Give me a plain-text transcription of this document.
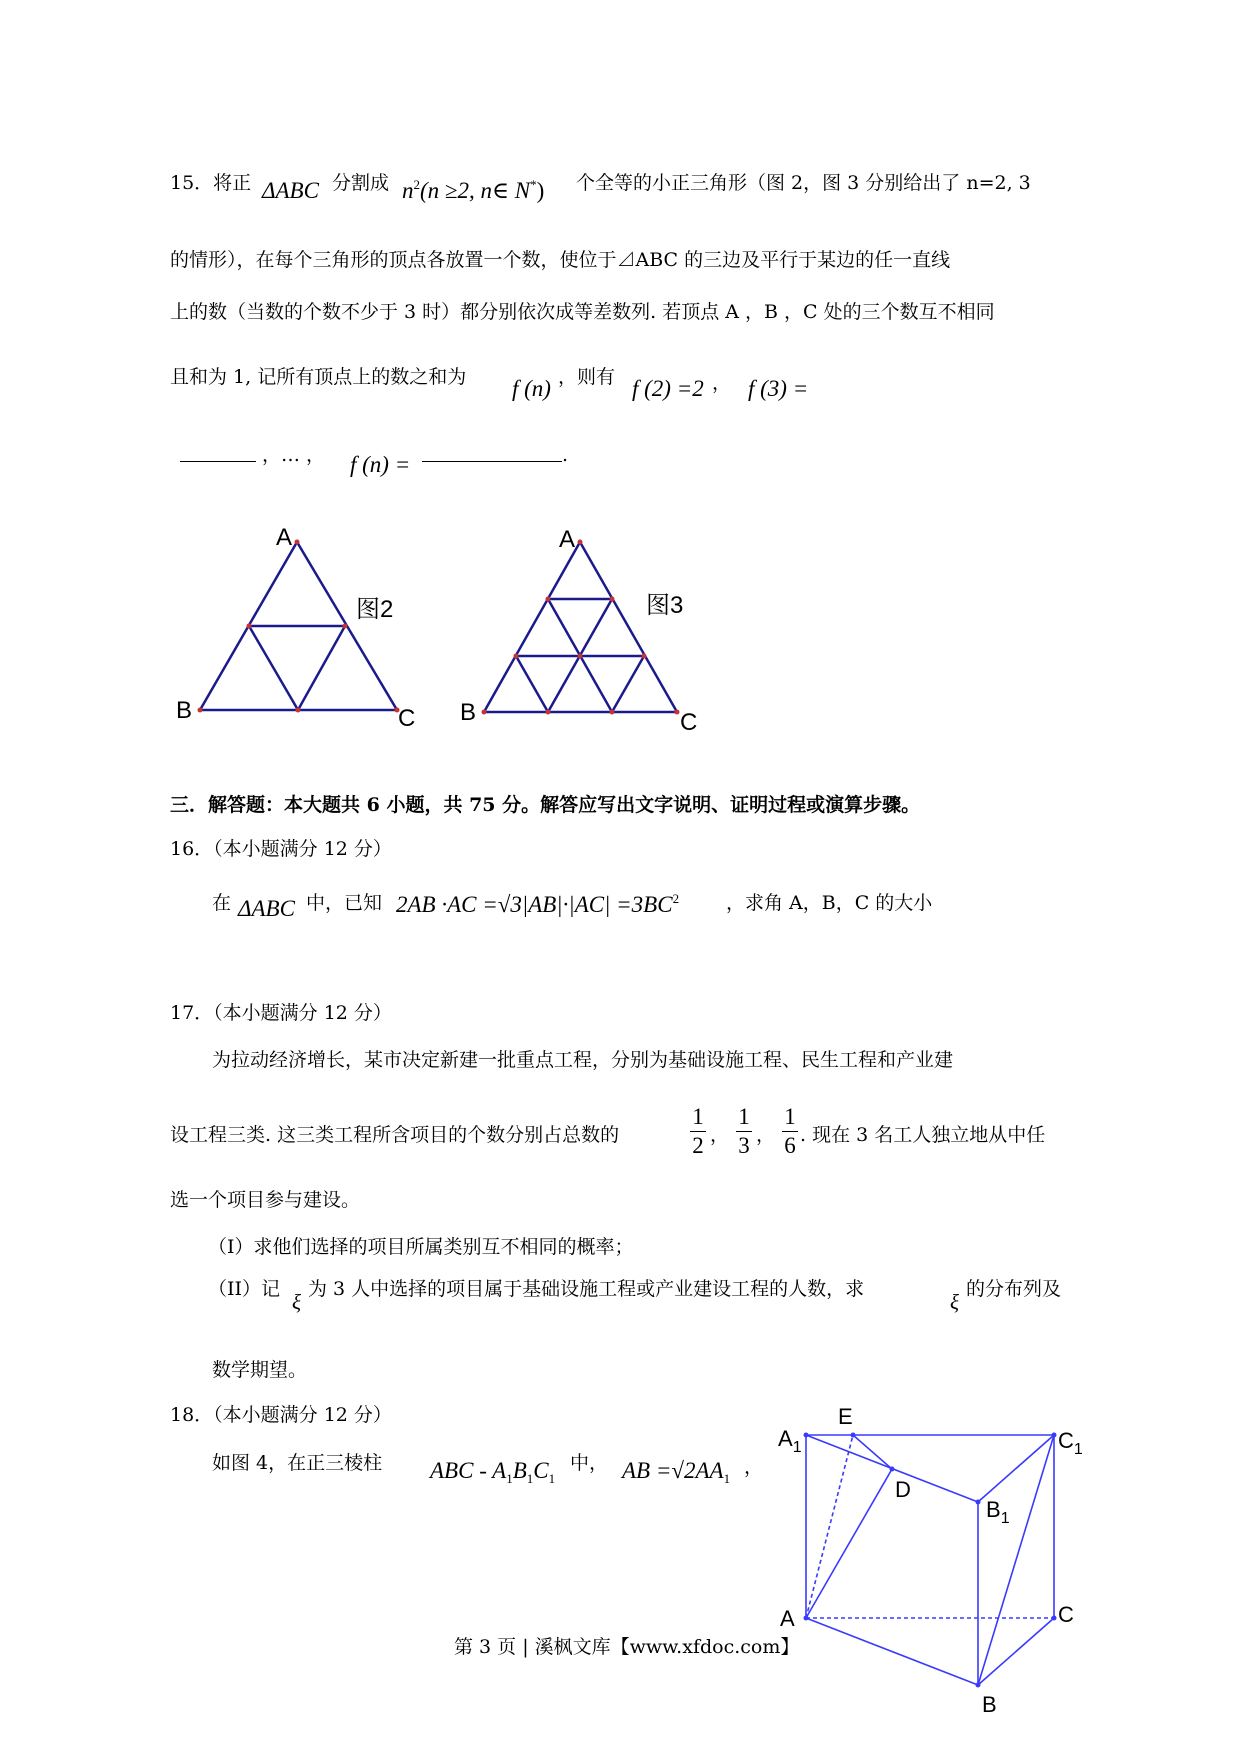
15．将正 ΔABC 分割成 $n^2(n \ge 2$, n∈ N*) 个全等的小正三角形（图 2，图 3 分别给出了 n=2, 3
的情形），在每个三角形的顶点各放置一个数，使位于⊿ABC 的三边及平行于某边的任一直线
上的数（当数的个数不少于 3 时）都分别依次成等差数列. 若顶点 A ，B ，C 处的三个数互不相同
且和为 1, 记所有顶点上的数之和为 f (n) ，则有 f (2) =2 ， f (3) =
，… ， f (n) =	.
A
B	C
图2
A
B	C
图3
三．解答题：本大题共 6 小题，共 75 分。解答应写出文字说明、证明过程或演算步骤。
16．（本小题满分 12 分）
在 ΔABC 中，已知 $2AB \cdot AC =√3|AB|\cdot|AC| =3BC^2$ ，求角 A，B，C 的大小
17．（本小题满分 12 分）
为拉动经济增长，某市决定新建一批重点工程，分别为基础设施工程、民生工程和产业建
设工程三类. 这三类工程所含项目的个数分别占总数的
1
2 ，
1
3 ，
1
6 . 现在 3 名工人独立地从中任
选一个项目参与建设。
（I）求他们选择的项目所属类别互不相同的概率；
（II）记
ξ
为 3 人中选择的项目属于基础设施工程或产业建设工程的人数，求
ξ
的分布列及
数学期望。
18．（本小题满分 12 分）
如图 4，在正三棱柱 ABC - $A_1B_1C_1$
中， AB $=√2AA_1$
，
$A_1$
E
$C_1$
D
$B_1$
A	C
B
第 3 页 | 溪枫文库【www.xfdoc.com】
